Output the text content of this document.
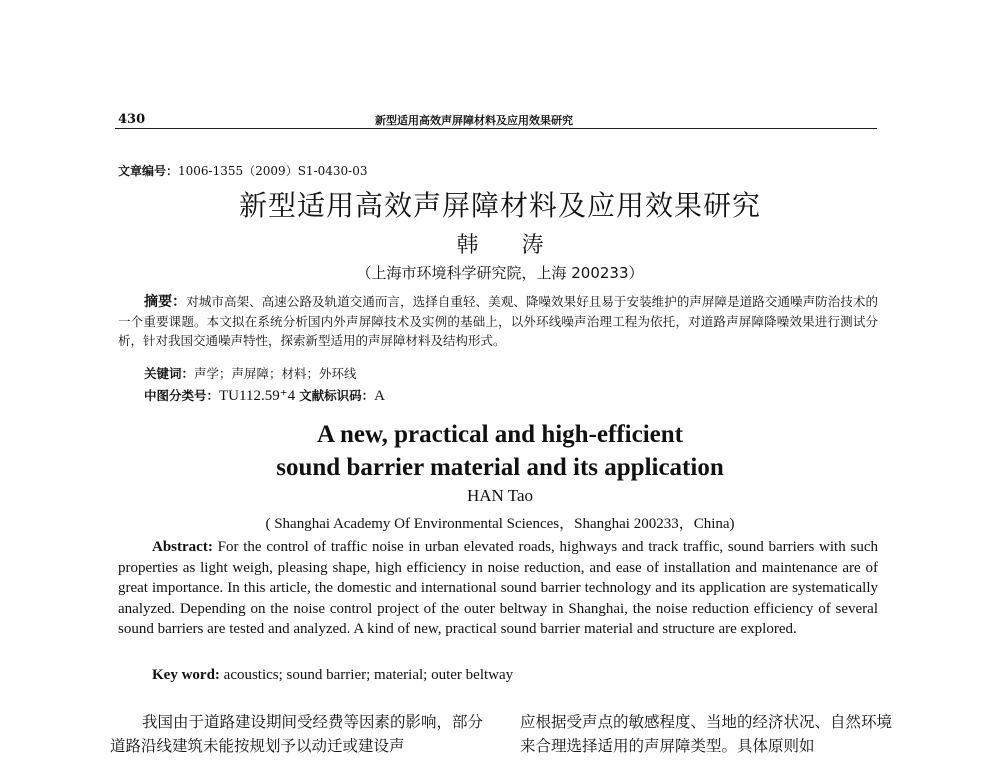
430	新型适用高效声屏障材料及应用效果研究
文章编号：1006-1355（2009）S1-0430-03
新型适用高效声屏障材料及应用效果研究
韩 涛
（上海市环境科学研究院，上海 200233）
摘要：对城市高架、高速公路及轨道交通而言，选择自重轻、美观、降噪效果好且易于安装维护的声屏障是道路交通噪声防治技术的一个重要课题。本文拟在系统分析国内外声屏障技术及实例的基础上，以外环线噪声治理工程为依托，对道路声屏障降噪效果进行测试分析，针对我国交通噪声特性，探索新型适用的声屏障材料及结构形式。
关键词：声学；声屏障；材料；外环线
中图分类号：TU112.59⁺4 文献标识码：A
A new, practical and high-efficient
sound barrier material and its application
HAN Tao
( Shanghai Academy Of Environmental Sciences，Shanghai 200233，China)
Abstract: For the control of traffic noise in urban elevated roads, highways and track traffic, sound barriers with such properties as light weigh, pleasing shape, high efficiency in noise reduction, and ease of installation and maintenance are of great importance. In this article, the domestic and international sound barrier technology and its application are systematically analyzed. Depending on the noise control project of the outer beltway in Shanghai, the noise reduction efficiency of several sound barriers are tested and analyzed. A kind of new, practical sound barrier material and structure are explored.
Key word: acoustics; sound barrier; material; outer beltway
我国由于道路建设期间受经费等因素的影响，部分道路沿线建筑未能按规划予以动迁或建设声
应根据受声点的敏感程度、当地的经济状况、自然环境来合理选择适用的声屏障类型。具体原则如
